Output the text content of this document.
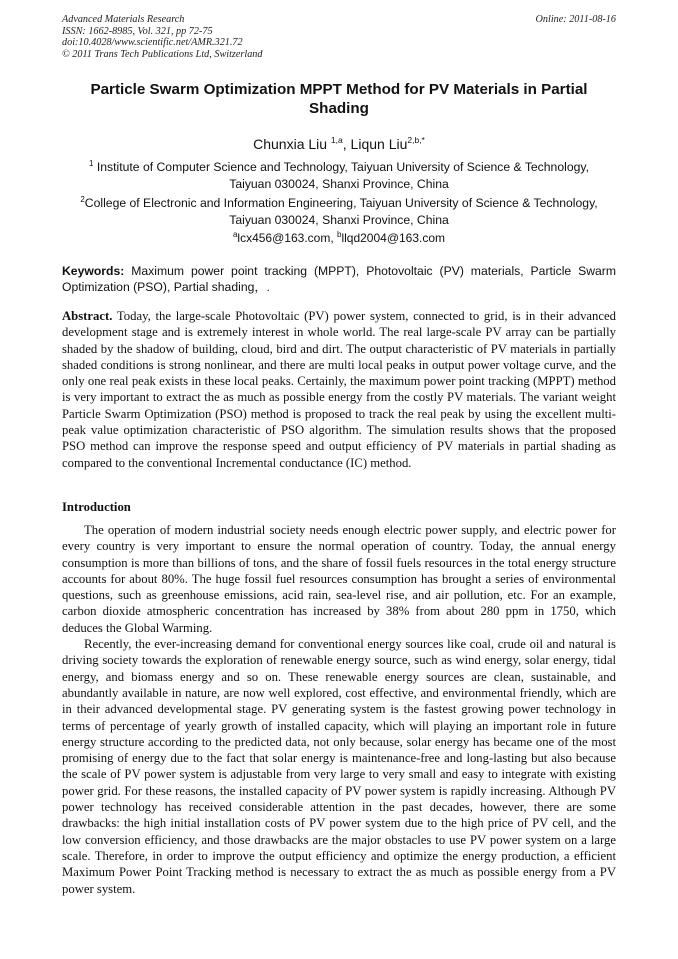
Advanced Materials Research
ISSN: 1662-8985, Vol. 321, pp 72-75
doi:10.4028/www.scientific.net/AMR.321.72
© 2011 Trans Tech Publications Ltd, Switzerland
Online: 2011-08-16
Particle Swarm Optimization MPPT Method for PV Materials in Partial Shading
Chunxia Liu $^{1,a}$, Liqun Liu$^{2,b,*}$
$^1$ Institute of Computer Science and Technology, Taiyuan University of Science & Technology,
Taiyuan 030024, Shanxi Province, China
$^2$College of Electronic and Information Engineering, Taiyuan University of Science & Technology,
Taiyuan 030024, Shanxi Province, China
$^a$lcx456@163.com, $^b$llqd2004@163.com
Keywords: Maximum power point tracking (MPPT), Photovoltaic (PV) materials, Particle Swarm Optimization (PSO), Partial shading，.
Abstract. Today, the large-scale Photovoltaic (PV) power system, connected to grid, is in their advanced development stage and is extremely interest in whole world. The real large-scale PV array can be partially shaded by the shadow of building, cloud, bird and dirt. The output characteristic of PV materials in partially shaded conditions is strong nonlinear, and there are multi local peaks in output power voltage curve, and the only one real peak exists in these local peaks. Certainly, the maximum power point tracking (MPPT) method is very important to extract the as much as possible energy from the costly PV materials. The variant weight Particle Swarm Optimization (PSO) method is proposed to track the real peak by using the excellent multi-peak value optimization characteristic of PSO algorithm. The simulation results shows that the proposed PSO method can improve the response speed and output efficiency of PV materials in partial shading as compared to the conventional Incremental conductance (IC) method.
Introduction

The operation of modern industrial society needs enough electric power supply, and electric power for every country is very important to ensure the normal operation of country. Today, the annual energy consumption is more than billions of tons, and the share of fossil fuels resources in the total energy structure accounts for about 80%. The huge fossil fuel resources consumption has brought a series of environmental questions, such as greenhouse emissions, acid rain, sea-level rise, and air pollution, etc. For an example, carbon dioxide atmospheric concentration has increased by 38% from about 280 ppm in 1750, which deduces the Global Warming.

Recently, the ever-increasing demand for conventional energy sources like coal, crude oil and natural is driving society towards the exploration of renewable energy source, such as wind energy, solar energy, tidal energy, and biomass energy and so on. These renewable energy sources are clean, sustainable, and abundantly available in nature, are now well explored, cost effective, and environmental friendly, which are in their advanced developmental stage. PV generating system is the fastest growing power technology in terms of percentage of yearly growth of installed capacity, which will playing an important role in future energy structure according to the predicted data, not only because, solar energy has became one of the most promising of energy due to the fact that solar energy is maintenance-free and long-lasting but also because the scale of PV power system is adjustable from very large to very small and easy to integrate with existing power grid. For these reasons, the installed capacity of PV power system is rapidly increasing. Although PV power technology has received considerable attention in the past decades, however, there are some drawbacks: the high initial installation costs of PV power system due to the high price of PV cell, and the low conversion efficiency, and those drawbacks are the major obstacles to use PV power system on a large scale. Therefore, in order to improve the output efficiency and optimize the energy production, a efficient Maximum Power Point Tracking method is necessary to extract the as much as possible energy from a PV power system.
